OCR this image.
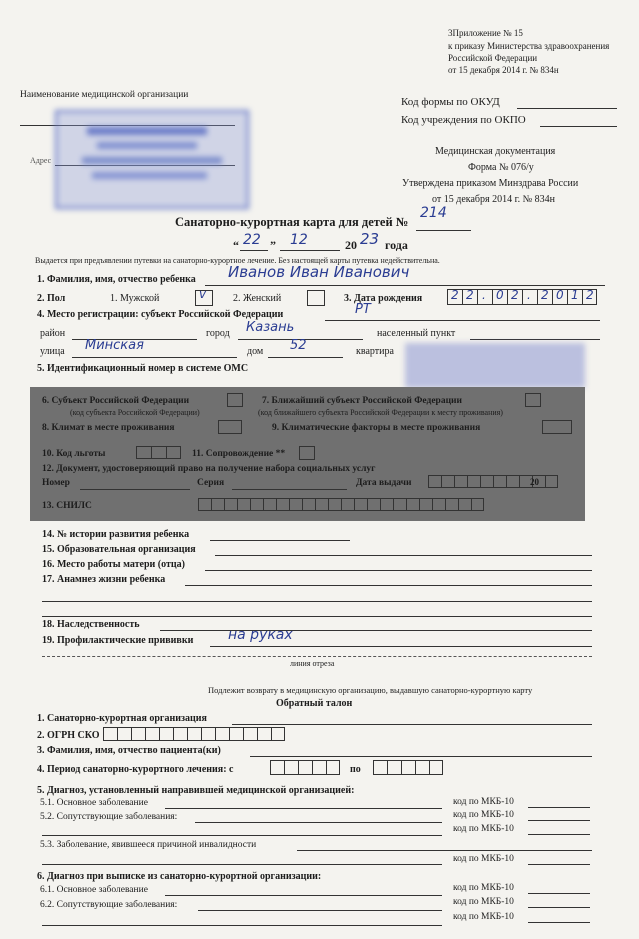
3Приложение № 15
к приказу Министерства здравоохранения
Российской Федерации
от 15 декабря 2014 г. № 834н
Наименование медицинской организации
Адрес
Код формы по ОКУД
Код учреждения по ОКПО
Медицинская документация
Форма № 076/у
Утверждена приказом Минздрава России
от 15 декабря 2014 г. № 834н
Санаторно-курортная карта для детей №
214
“ 22 ” 12	20 23 года
Выдается при предъявлении путевки на санаторно-курортное лечение. Без настоящей карты путевка недействительна.
1. Фамилия, имя, отчество ребенка Иванов Иван Иванович
2. Пол	1. Мужской	v	2. Женский	3. Дата рождения 2 2 . 0 2 . 2 0 1 2
4. Место регистрации: субъект Российской Федерации	РТ
район	город Казань	населенный пункт
улица Минская	дом 52	квартира
5. Идентификационный номер в системе ОМС
6. Субъект Российской Федерации
(код субъекта Российской Федерации)
7. Ближайший субъект Российской Федерации
(код ближайшего субъекта Российской Федерации к месту проживания)
8. Климат в месте проживания	9. Климатические факторы в месте проживания
10. Код льготы	11. Сопровождение **
12. Документ, удостоверяющий право на получение набора социальных услуг
Номер	Серия	Дата выдачи	20
13. СНИЛС
14. № истории развития ребенка
15. Образовательная организация
16. Место работы матери (отца)
17. Анамнез жизни ребенка
18. Наследственность
19. Профилактические прививки на руках
линия отреза
Подлежит возврату в медицинскую организацию, выдавшую санаторно-курортную карту
Обратный талон
1. Санаторно-курортная организация
2. ОГРН СКО
3. Фамилия, имя, отчество пациента(ки)
4. Период санаторно-курортного лечения: с	по
5. Диагноз, установленный направившей медицинской организацией:
5.1. Основное заболевание	код по МКБ-10
5.2. Сопутствующие заболевания:	код по МКБ-10
код по МКБ-10
5.3. Заболевание, явившееся причиной инвалидности
код по МКБ-10
6. Диагноз при выписке из санаторно-курортной организации:
6.1. Основное заболевание	код по МКБ-10
6.2. Сопутствующие заболевания:	код по МКБ-10
код по МКБ-10
